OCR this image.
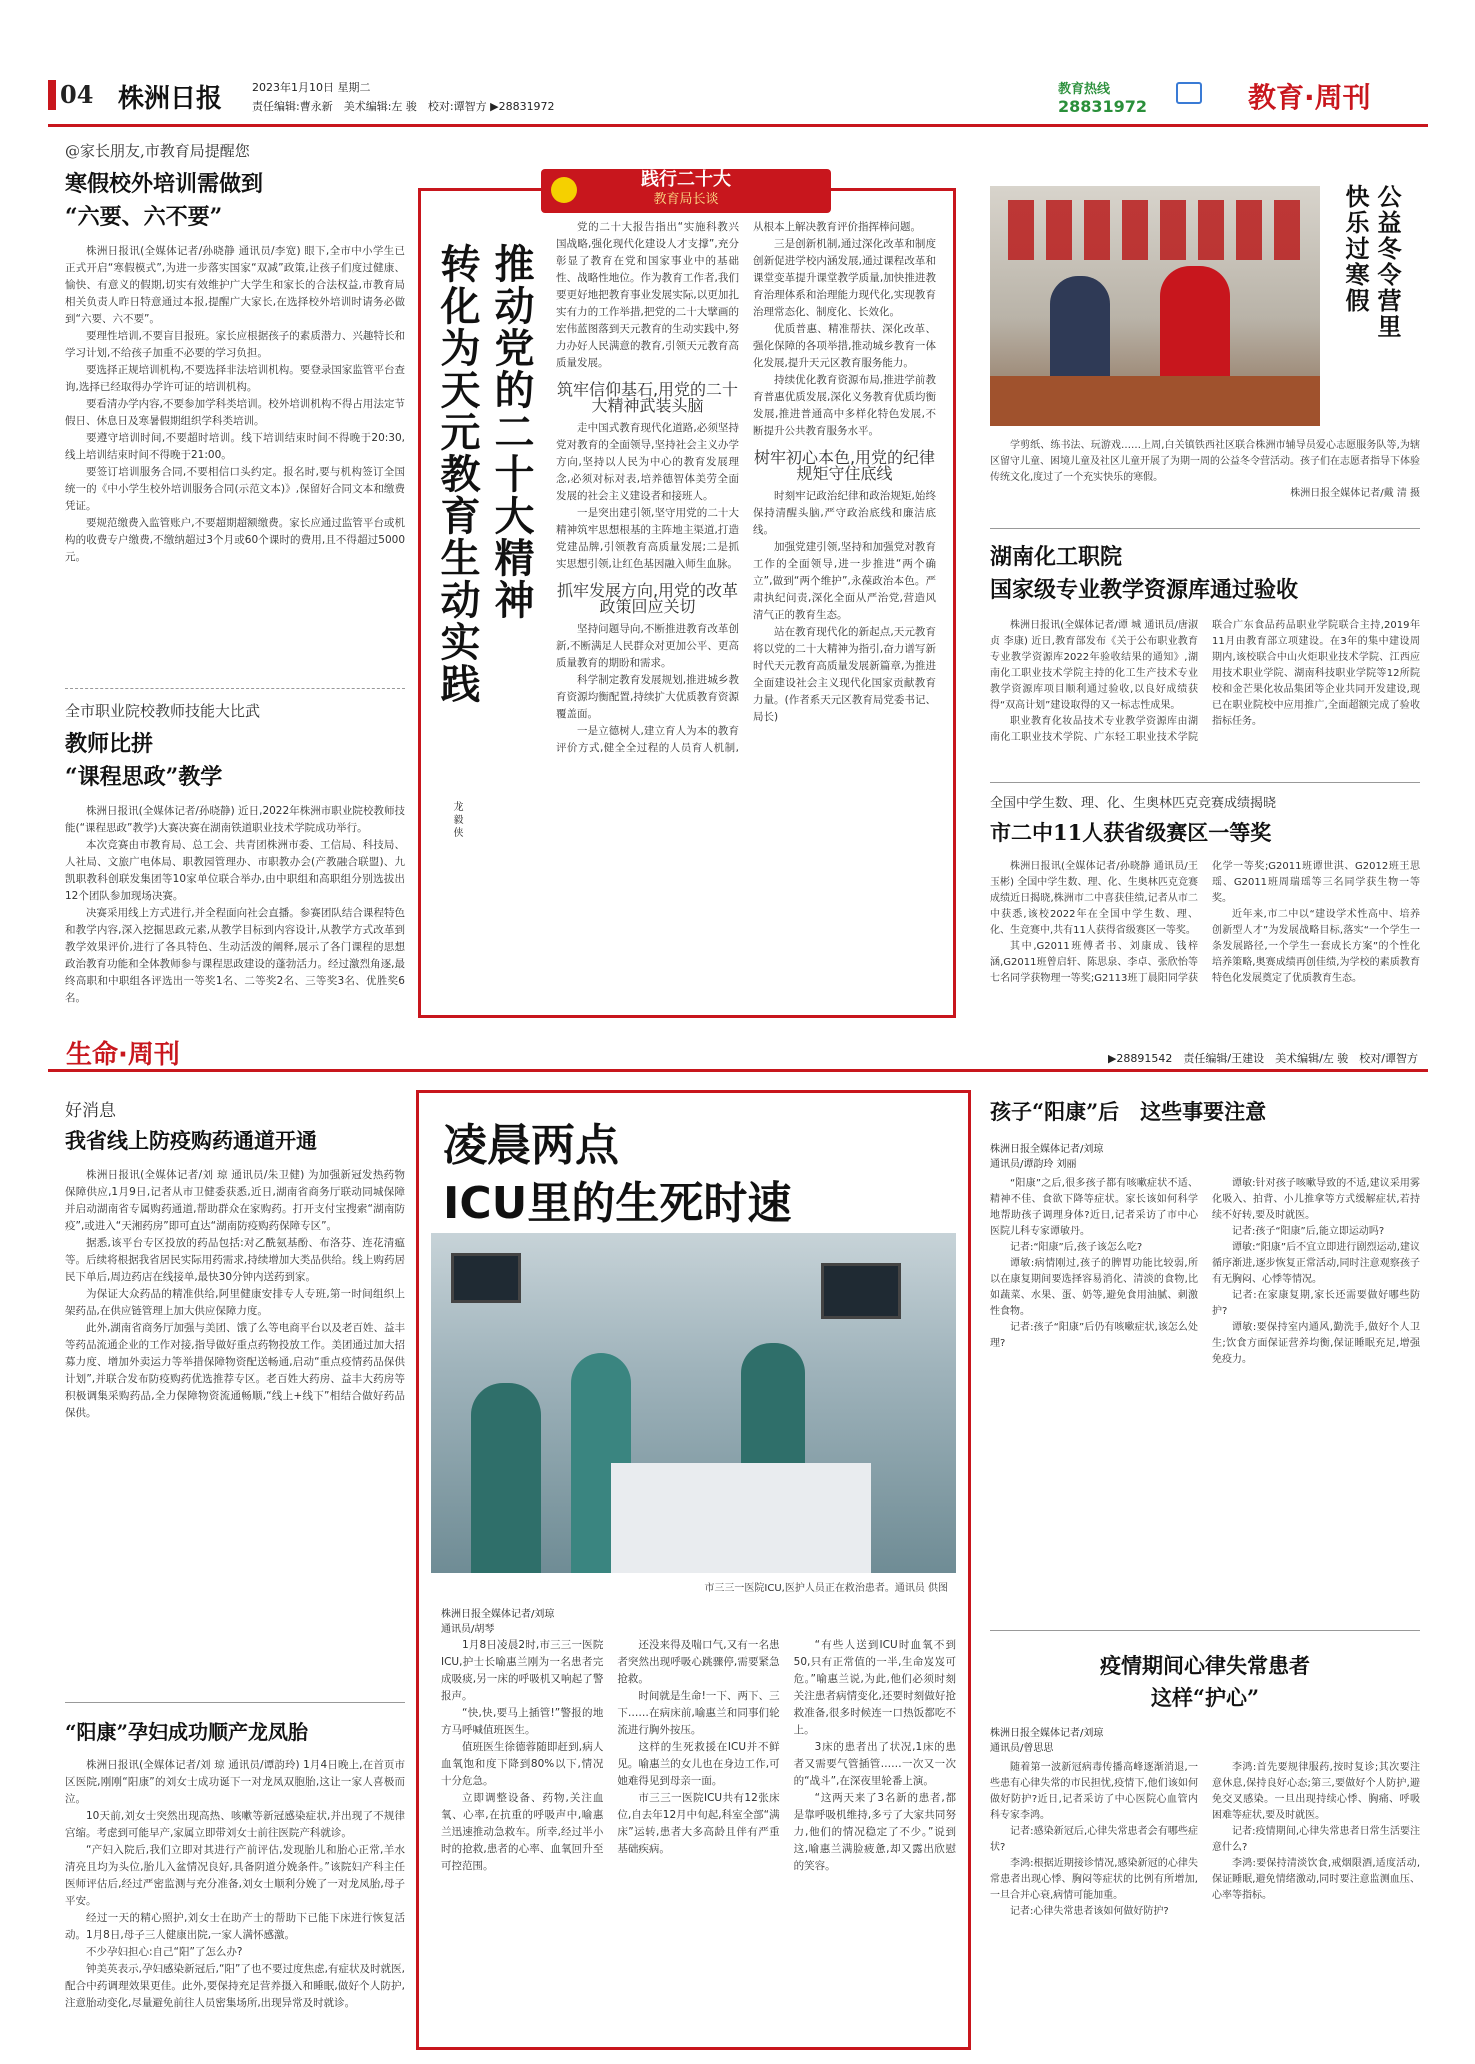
04 株洲日报	2023年1月10日 星期二
责任编辑:曹永新　美术编辑:左 骏　校对:谭智方 ▶28831972
教育热线
28831972	教育·周刊
@家长朋友,市教育局提醒您
寒假校外培训需做到
“六要、六不要”

株洲日报讯(全媒体记者/孙晓静 通讯员/李宽) 眼下,全市中小学生已正式开启“寒假模式”,为进一步落实国家“双减”政策,让孩子们度过健康、愉快、有意义的假期,切实有效维护广大学生和家长的合法权益,市教育局相关负责人昨日特意通过本报,提醒广大家长,在选择校外培训时请务必做到“六要、六不要”。

要理性培训,不要盲目报班。家长应根据孩子的素质潜力、兴趣特长和学习计划,不给孩子加重不必要的学习负担。

要选择正规培训机构,不要选择非法培训机构。要登录国家监管平台查询,选择已经取得办学许可证的培训机构。

要看清办学内容,不要参加学科类培训。校外培训机构不得占用法定节假日、休息日及寒暑假期组织学科类培训。

要遵守培训时间,不要超时培训。线下培训结束时间不得晚于20:30,线上培训结束时间不得晚于21:00。

要签订培训服务合同,不要相信口头约定。报名时,要与机构签订全国统一的《中小学生校外培训服务合同(示范文本)》,保留好合同文本和缴费凭证。

要规范缴费入监管账户,不要超期超额缴费。家长应通过监管平台或机构的收费专户缴费,不缴纳超过3个月或60个课时的费用,且不得超过5000元。

全市职业院校教师技能大比武
教师比拼
“课程思政”教学

株洲日报讯(全媒体记者/孙晓静) 近日,2022年株洲市职业院校教师技能(“课程思政”教学)大赛决赛在湖南铁道职业技术学院成功举行。

本次竞赛由市教育局、总工会、共青团株洲市委、工信局、科技局、人社局、文旅广电体局、职教园管理办、市职教办会(产教融合联盟)、九凯职教科创联发集团等10家单位联合举办,由中职组和高职组分别选拔出12个团队参加现场决赛。

决赛采用线上方式进行,并全程面向社会直播。参赛团队结合课程特色和教学内容,深入挖掘思政元素,从教学目标到内容设计,从教学方式改革到教学效果评价,进行了各具特色、生动活泼的阐释,展示了各门课程的思想政治教育功能和全体教师参与课程思政建设的蓬勃活力。经过激烈角逐,最终高职和中职组各评选出一等奖1名、二等奖2名、三等奖3名、优胜奖6名。

践行二十大
教育局长谈
转化为天元教育生动实践 推动党的二十大精神
龙 毅 侠

党的二十大报告指出“实施科教兴国战略,强化现代化建设人才支撑”,充分彰显了教育在党和国家事业中的基础性、战略性地位。作为教育工作者,我们要更好地把教育事业发展实际,以更加扎实有力的工作举措,把党的二十大擘画的宏伟蓝图落到天元教育的生动实践中,努力办好人民满意的教育,引领天元教育高质量发展。

筑牢信仰基石,用党的二十大精神武装头脑

走中国式教育现代化道路,必须坚持党对教育的全面领导,坚持社会主义办学方向,坚持以人民为中心的教育发展理念,必须对标对表,培养德智体美劳全面发展的社会主义建设者和接班人。

一是突出建引领,坚守用党的二十大精神筑牢思想根基的主阵地主渠道,打造党建品牌,引领教育高质量发展;二是抓实思想引领,让红色基因融入师生血脉。

抓牢发展方向,用党的改革政策回应关切

坚持问题导向,不断推进教育改革创新,不断满足人民群众对更加公平、更高质量教育的期盼和需求。

科学制定教育发展规划,推进城乡教育资源均衡配置,持续扩大优质教育资源覆盖面。

一是立德树人,建立育人为本的教育评价方式,健全全过程的人员育人机制,从根本上解决教育评价指挥棒问题。

三是创新机制,通过深化改革和制度创新促进学校内涵发展,通过课程改革和课堂变革提升课堂教学质量,加快推进教育治理体系和治理能力现代化,实现教育治理常态化、制度化、长效化。

优质普惠、精准帮扶、深化改革、强化保障的各项举措,推动城乡教育一体化发展,提升天元区教育服务能力。

持续优化教育资源布局,推进学前教育普惠优质发展,深化义务教育优质均衡发展,推进普通高中多样化特色发展,不断提升公共教育服务水平。

树牢初心本色,用党的纪律规矩守住底线

时刻牢记政治纪律和政治规矩,始终保持清醒头脑,严守政治底线和廉洁底线。

加强党建引领,坚持和加强党对教育工作的全面领导,进一步推进“两个确立”,做到“两个维护”,永葆政治本色。严肃执纪问责,深化全面从严治党,营造风清气正的教育生态。

站在教育现代化的新起点,天元教育将以党的二十大精神为指引,奋力谱写新时代天元教育高质量发展新篇章,为推进全面建设社会主义现代化国家贡献教育力量。(作者系天元区教育局党委书记、局长)

公益冬令营里
快乐过寒假
学剪纸、练书法、玩游戏……上周,白关镇铁西社区联合株洲市辅导员爱心志愿服务队等,为辖区留守儿童、困境儿童及社区儿童开展了为期一周的公益冬令营活动。孩子们在志愿者指导下体验传统文化,度过了一个充实快乐的寒假。
株洲日报全媒体记者/戴 清 摄
湖南化工职院
国家级专业教学资源库通过验收

株洲日报讯(全媒体记者/谭 城 通讯员/唐淑贞 李康) 近日,教育部发布《关于公布职业教育专业教学资源库2022年验收结果的通知》,湖南化工职业技术学院主持的化工生产技术专业教学资源库项目顺利通过验收,以良好成绩获得“双高计划”建设取得的又一标志性成果。

职业教育化妆品技术专业教学资源库由湖南化工职业技术学院、广东轻工职业技术学院联合广东食品药品职业学院联合主持,2019年11月由教育部立项建设。在3年的集中建设周期内,该校联合中山火炬职业技术学院、江西应用技术职业学院、湖南科技职业学院等12所院校和金芒果化妆品集团等企业共同开发建设,现已在职业院校中应用推广,全面超额完成了验收指标任务。

全国中学生数、理、化、生奥林匹克竞赛成绩揭晓
市二中11人获省级赛区一等奖

株洲日报讯(全媒体记者/孙晓静 通讯员/王玉彬) 全国中学生数、理、化、生奥林匹克竞赛成绩近日揭晓,株洲市二中喜获佳绩,记者从市二中获悉,该校2022年在全国中学生数、理、化、生竞赛中,共有11人获得省级赛区一等奖。

其中,G2011班傅者书、刘康成、钱梓涵,G2011班曾启轩、陈思泉、李卓、张欣怡等七名同学获物理一等奖;G2113班丁晨阳同学获化学一等奖;G2011班谭世淇、G2012班王思瑶、G2011班周瑞瑶等三名同学获生物一等奖。

近年来,市二中以“建设学术性高中、培养创新型人才”为发展战略目标,落实“一个学生一条发展路径,一个学生一套成长方案”的个性化培养策略,奥赛成绩再创佳绩,为学校的素质教育特色化发展奠定了优质教育生态。

生命·周刊	▶28891542　责任编辑/王建设　美术编辑/左 骏　校对/谭智方
好消息
我省线上防疫购药通道开通

株洲日报讯(全媒体记者/刘 琼 通讯员/朱卫健) 为加强新冠发热药物保障供应,1月9日,记者从市卫健委获悉,近日,湖南省商务厅联动同城保障并启动湖南省专属购药通道,帮助群众在家购药。打开支付宝搜索“湖南防疫”,或进入“天湘药房”即可直达“湖南防疫购药保障专区”。

据悉,该平台专区投放的药品包括:对乙酰氨基酚、布洛芬、连花清瘟等。后续将根据我省居民实际用药需求,持续增加大类品供给。线上购药居民下单后,周边药店在线接单,最快30分钟内送药到家。

为保证大众药品的精准供给,阿里健康安排专人专班,第一时间组织上架药品,在供应链管理上加大供应保障力度。

此外,湖南省商务厅加强与美团、饿了么等电商平台以及老百姓、益丰等药品流通企业的工作对接,指导做好重点药物投放工作。美团通过加大招募力度、增加外卖运力等举措保障物资配送畅通,启动“重点疫情药品保供计划”,并联合发布防疫购药优选推荐专区。老百姓大药房、益丰大药房等积极调集采购药品,全力保障物资流通畅顺,“线上+线下”相结合做好药品保供。

“阳康”孕妇成功顺产龙凤胎

株洲日报讯(全媒体记者/刘 琼 通讯员/谭韵玲) 1月4日晚上,在首页市区医院,刚刚“阳康”的刘女士成功诞下一对龙凤双胞胎,这让一家人喜极而泣。

10天前,刘女士突然出现高热、咳嗽等新冠感染症状,并出现了不规律宫缩。考虑到可能早产,家属立即带刘女士前往医院产科就诊。

“产妇入院后,我们立即对其进行产前评估,发现胎儿和胎心正常,羊水清亮且均为头位,胎儿入盆情况良好,具备阴道分娩条件。”该院妇产科主任医师评估后,经过严密监测与充分准备,刘女士顺利分娩了一对龙凤胎,母子平安。

经过一天的精心照护,刘女士在助产士的帮助下已能下床进行恢复活动。1月8日,母子三人健康出院,一家人满怀感激。

不少孕妇担心:自己“阳”了怎么办?

钟美英表示,孕妇感染新冠后,“阳”了也不要过度焦虑,有症状及时就医,配合中药调理效果更佳。此外,要保持充足营养摄入和睡眠,做好个人防护,注意胎动变化,尽量避免前往人员密集场所,出现异常及时就诊。

凌晨两点
ICU里的生死时速
市三三一医院ICU,医护人员正在救治患者。通讯员 供图
株洲日报全媒体记者/刘琼
通讯员/胡琴

1月8日凌晨2时,市三三一医院ICU,护士长喻惠兰刚为一名患者完成吸痰,另一床的呼吸机又响起了警报声。

“快,快,要马上插管!”警报的地方马呼喊值班医生。

值班医生徐德蓉随即赶到,病人血氧饱和度下降到80%以下,情况十分危急。

立即调整设备、药物,关注血氧、心率,在抗重的呼吸声中,喻惠兰迅速推动急救车。所幸,经过半小时的抢救,患者的心率、血氧回升至可控范围。

还没来得及喘口气,又有一名患者突然出现呼吸心跳骤停,需要紧急抢救。

时间就是生命!一下、两下、三下……在病床前,喻惠兰和同事们轮流进行胸外按压。

这样的生死救援在ICU并不鲜见。喻惠兰的女儿也在身边工作,可她难得见到母亲一面。

市三三一医院ICU共有12张床位,自去年12月中旬起,科室全部“满床”运转,患者大多高龄且伴有严重基础疾病。

“有些人送到ICU时血氧不到50,只有正常值的一半,生命岌岌可危。”喻惠兰说,为此,他们必须时刻关注患者病情变化,还要时刻做好抢救准备,很多时候连一口热饭都吃不上。

3床的患者出了状况,1床的患者又需要气管插管……一次又一次的“战斗”,在深夜里轮番上演。

“这两天来了3名新的患者,都是靠呼吸机维持,多亏了大家共同努力,他们的情况稳定了不少。”说到这,喻惠兰满脸疲惫,却又露出欣慰的笑容。

孩子“阳康”后　这些事要注意
株洲日报全媒体记者/刘琼
通讯员/谭韵玲 刘丽

“阳康”之后,很多孩子都有咳嗽症状不适、精神不佳、食欲下降等症状。家长该如何科学地帮助孩子调理身体?近日,记者采访了市中心医院儿科专家谭敏丹。

记者:“阳康”后,孩子该怎么吃?

谭敏:病情刚过,孩子的脾胃功能比较弱,所以在康复期间要选择容易消化、清淡的食物,比如蔬菜、水果、蛋、奶等,避免食用油腻、刺激性食物。

记者:孩子“阳康”后仍有咳嗽症状,该怎么处理?

谭敏:针对孩子咳嗽导致的不适,建议采用雾化吸入、拍背、小儿推拿等方式缓解症状,若持续不好转,要及时就医。

记者:孩子“阳康”后,能立即运动吗?

谭敏:“阳康”后不宜立即进行剧烈运动,建议循序渐进,逐步恢复正常活动,同时注意观察孩子有无胸闷、心悸等情况。

记者:在家康复期,家长还需要做好哪些防护?

谭敏:要保持室内通风,勤洗手,做好个人卫生;饮食方面保证营养均衡,保证睡眠充足,增强免疫力。

疫情期间心律失常患者
这样“护心”
株洲日报全媒体记者/刘琼
通讯员/曾思思

随着第一波新冠病毒传播高峰逐渐消退,一些患有心律失常的市民担忧,疫情下,他们该如何做好防护?近日,记者采访了中心医院心血管内科专家李鸿。

记者:感染新冠后,心律失常患者会有哪些症状?

李鸿:根据近期接诊情况,感染新冠的心律失常患者出现心悸、胸闷等症状的比例有所增加,一旦合并心衰,病情可能加重。

记者:心律失常患者该如何做好防护?

李鸿:首先要规律服药,按时复诊;其次要注意休息,保持良好心态;第三,要做好个人防护,避免交叉感染。一旦出现持续心悸、胸痛、呼吸困难等症状,要及时就医。

记者:疫情期间,心律失常患者日常生活要注意什么?

李鸿:要保持清淡饮食,戒烟限酒,适度活动,保证睡眠,避免情绪激动,同时要注意监测血压、心率等指标。
